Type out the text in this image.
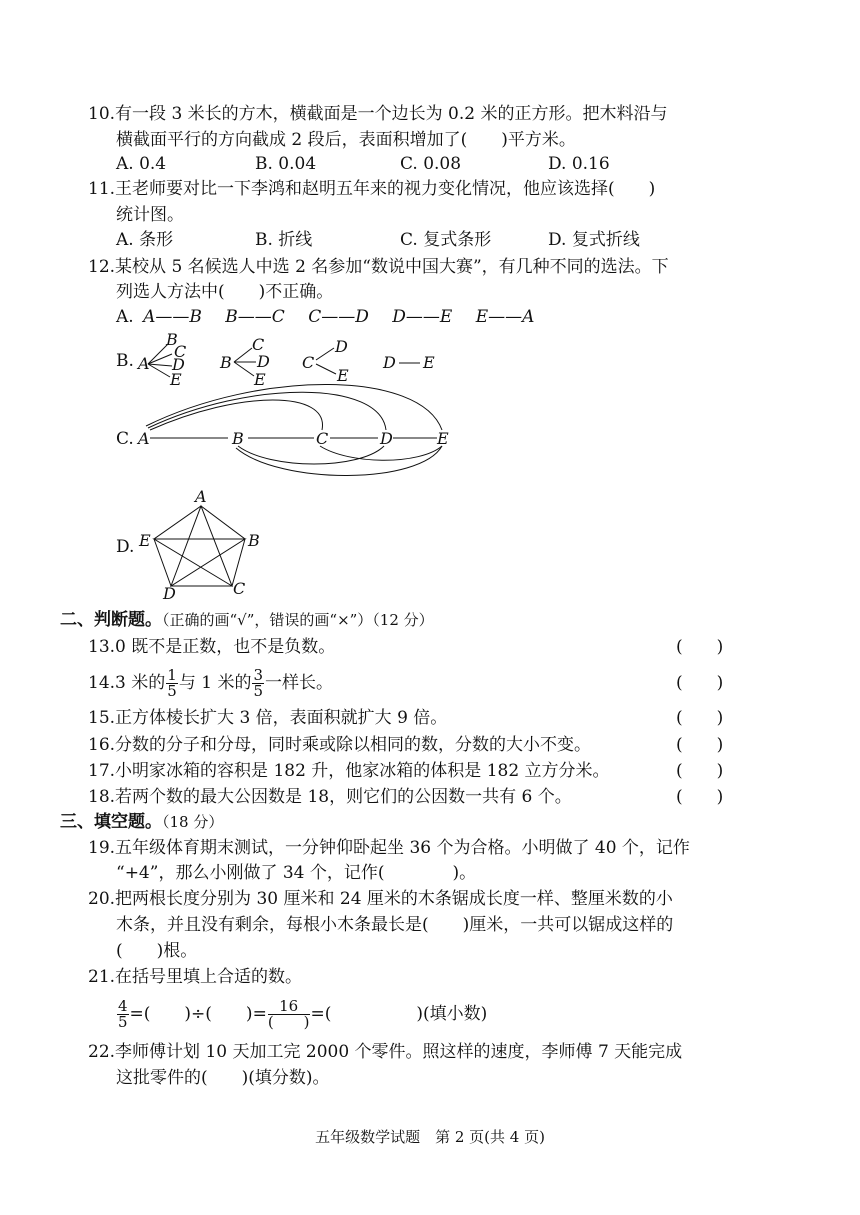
10.有一段 3 米长的方木，横截面是一个边长为 0.2 米的正方形。把木料沿与
横截面平行的方向截成 2 段后，表面积增加了(　　)平方米。
A. 0.4	B. 0.04	C. 0.08	D. 0.16
11.王老师要对比一下李鸿和赵明五年来的视力变化情况，他应该选择(　　)
统计图。
A. 条形	B. 折线	C. 复式条形	D. 复式折线
12.某校从 5 名候选人中选 2 名参加“数说中国大赛”，有几种不同的选法。下
列选人方法中(　　)不正确。
A. A——B B——C C——D D——E E——A
B. A
B
C
D
E
B
C
D
E
C
D
E
D E
A	B	C	D	E
A
B
C
D
E
C.
D.
二、判断题。（正确的画“√”，错误的画“×”）（12 分）
13.0 既不是正数，也不是负数。	(　　)
14.3 米的 $\frac{1}{5}$ 与 1 米的 $\frac{3}{5}$ 一样长。	(　　)
15.正方体棱长扩大 3 倍，表面积就扩大 9 倍。	(　　)
16.分数的分子和分母，同时乘或除以相同的数，分数的大小不变。	(　　)
17.小明家冰箱的容积是 182 升，他家冰箱的体积是 182 立方分米。	(　　)
18.若两个数的最大公因数是 18，则它们的公因数一共有 6 个。	(　　)
三、填空题。（18 分）
19.五年级体育期末测试，一分钟仰卧起坐 36 个为合格。小明做了 40 个，记作
“+4”，那么小刚做了 34 个，记作(　　　　)。
20.把两根长度分别为 30 厘米和 24 厘米的木条锯成长度一样、整厘米数的小
木条，并且没有剩余，每根小木条最长是(　　)厘米，一共可以锯成这样的
(　　)根。
21.在括号里填上合适的数。
$\frac{4}{5}$ =(　　)÷(　　)= $\frac{16}{( )}$ =(　　　　　)(填小数)
22.李师傅计划 10 天加工完 2000 个零件。照这样的速度，李师傅 7 天能完成
这批零件的(　　)(填分数)。
五年级数学试题　第 2 页(共 4 页)
